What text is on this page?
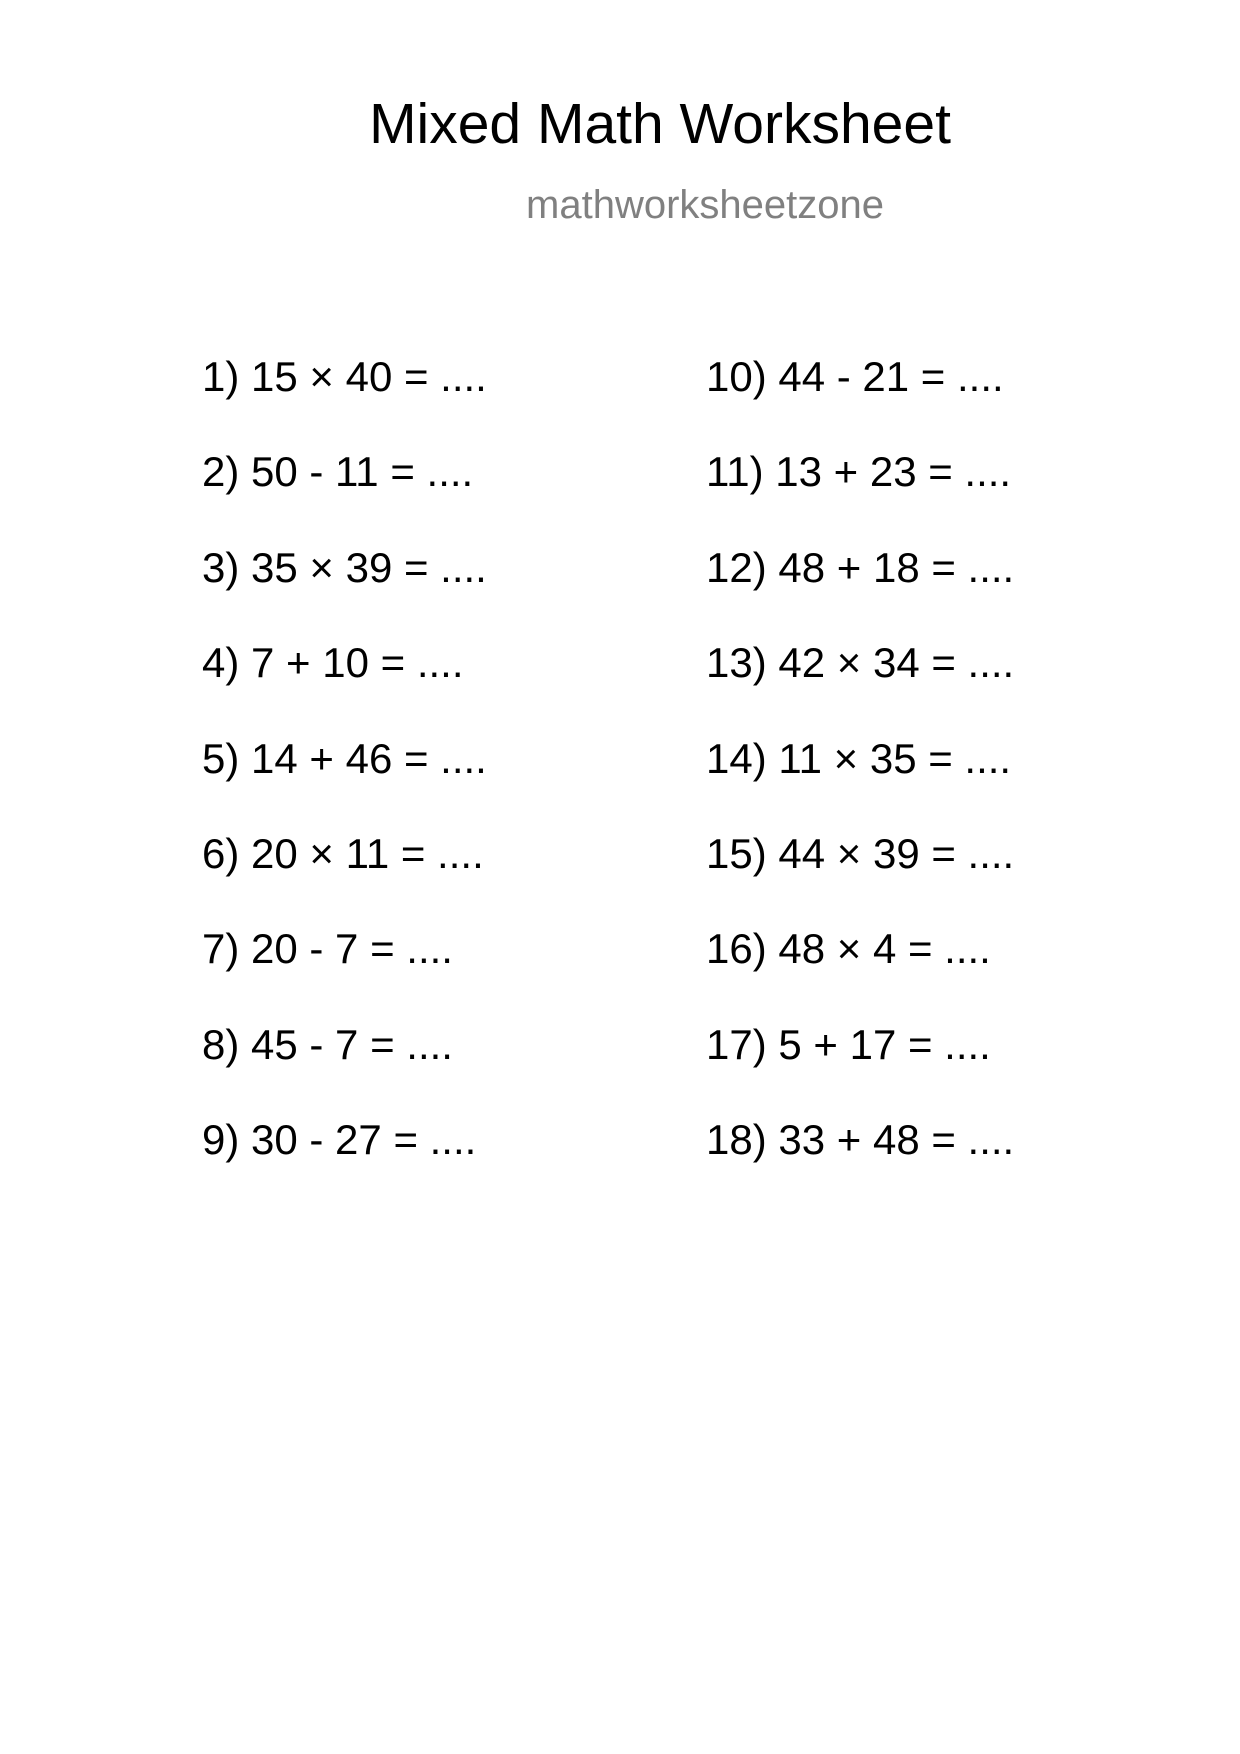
Mixed Math Worksheet
mathworksheetzone
1) 15 × 40 = ....
2) 50 - 11 = ....
3) 35 × 39 = ....
4) 7 + 10 = ....
5) 14 + 46 = ....
6) 20 × 11 = ....
7) 20 - 7 = ....
8) 45 - 7 = ....
9) 30 - 27 = ....
10) 44 - 21 = ....
11) 13 + 23 = ....
12) 48 + 18 = ....
13) 42 × 34 = ....
14) 11 × 35 = ....
15) 44 × 39 = ....
16) 48 × 4 = ....
17) 5 + 17 = ....
18) 33 + 48 = ....
